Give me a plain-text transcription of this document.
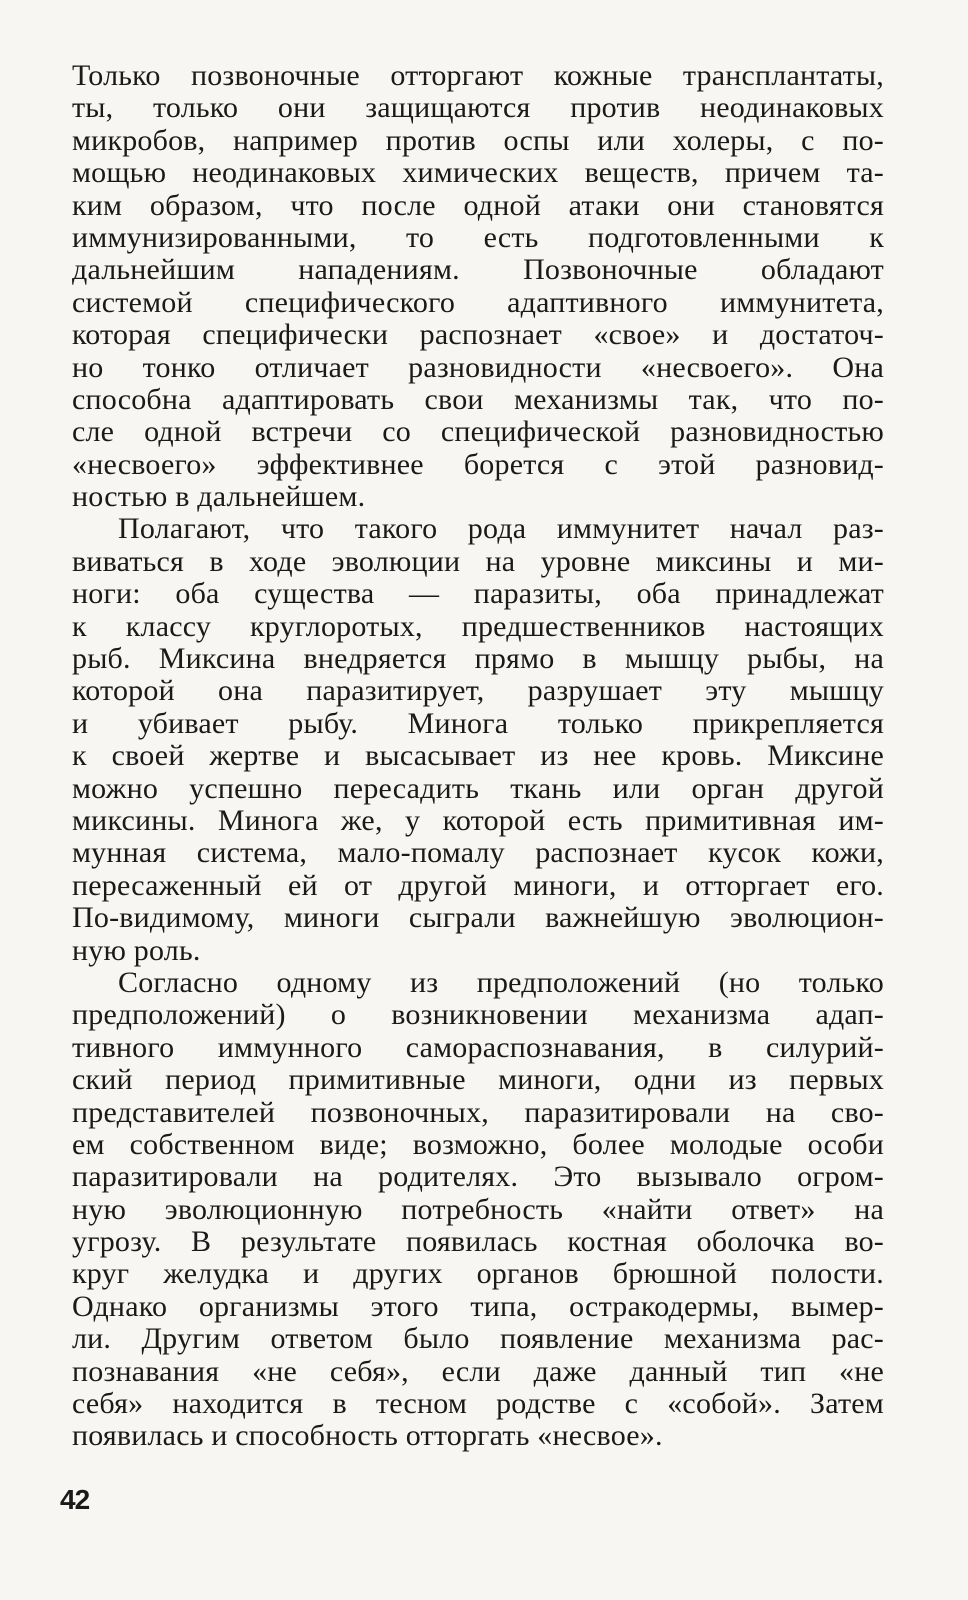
Только позвоночные отторгают кожные трансплантаты,
ты, только они защищаются против неодинаковых
микробов, например против оспы или холеры, с по-
мощью неодинаковых химических веществ, причем та-
ким образом, что после одной атаки они становятся
иммунизированными, то есть подготовленными к
дальнейшим нападениям. Позвоночные обладают
системой специфического адаптивного иммунитета,
которая специфически распознает «свое» и достаточ-
но тонко отличает разновидности «несвоего». Она
способна адаптировать свои механизмы так, что по-
сле одной встречи со специфической разновидностью
«несвоего» эффективнее борется с этой разновид-
ностью в дальнейшем.
Полагают, что такого рода иммунитет начал раз-
виваться в ходе эволюции на уровне миксины и ми-
ноги: оба существа — паразиты, оба принадлежат
к классу круглоротых, предшественников настоящих
рыб. Миксина внедряется прямо в мышцу рыбы, на
которой она паразитирует, разрушает эту мышцу
и убивает рыбу. Минога только прикрепляется
к своей жертве и высасывает из нее кровь. Миксине
можно успешно пересадить ткань или орган другой
миксины. Минога же, у которой есть примитивная им-
мунная система, мало-помалу распознает кусок кожи,
пересаженный ей от другой миноги, и отторгает его.
По-видимому, миноги сыграли важнейшую эволюцион-
ную роль.
Согласно одному из предположений (но только
предположений) о возникновении механизма адап-
тивного иммунного самораспознавания, в силурий-
ский период примитивные миноги, одни из первых
представителей позвоночных, паразитировали на сво-
ем собственном виде; возможно, более молодые особи
паразитировали на родителях. Это вызывало огром-
ную эволюционную потребность «найти ответ» на
угрозу. В результате появилась костная оболочка во-
круг желудка и других органов брюшной полости.
Однако организмы этого типа, остракодермы, вымер-
ли. Другим ответом было появление механизма рас-
познавания «не себя», если даже данный тип «не
себя» находится в тесном родстве с «собой». Затем
появилась и способность отторгать «несвое».
42
